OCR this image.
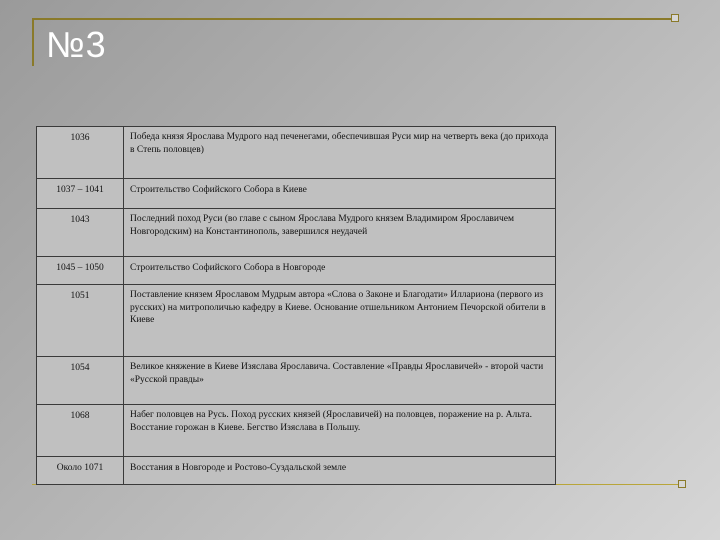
№3
1036	Победа князя Ярослава Мудрого над печенегами, обеспечившая Руси мир на четверть века (до прихода в Степь половцев)
1037 – 1041	Строительство Софийского Собора в Киеве
1043	Последний поход Руси (во главе с сыном Ярослава Мудрого князем Владимиром Ярославичем Новгородским) на Константинополь, завершился неудачей
1045 – 1050	Строительство Софийского Собора в Новгороде
1051	Поставление князем Ярославом Мудрым автора «Слова о Законе и Благодати» Иллариона (первого из русских) на митрополичью кафедру в Киеве. Основание отшельником Антонием Печорской обители в Киеве
1054	Великое княжение в Киеве Изяслава Ярославича. Составление «Правды Ярославичей» - второй части «Русской правды»
1068	Набег половцев на Русь. Поход русских князей (Ярославичей) на половцев, поражение на р. Альта. Восстание горожан в Киеве. Бегство Изяслава в Польшу.
Около 1071	Восстания в Новгороде и Ростово-Суздальской земле
